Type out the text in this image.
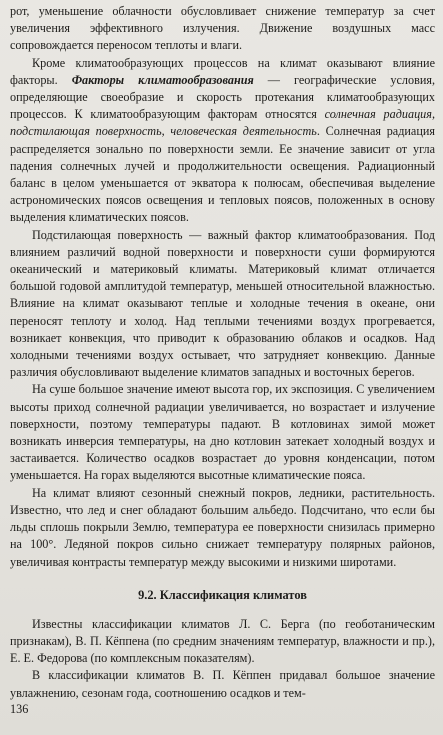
рот, уменьшение облачности обусловливает снижение температур за счет увеличения эффективного излучения. Движение воздушных масс сопровождается переносом теплоты и влаги.

Кроме климатообразующих процессов на климат оказывают влияние факторы. Факторы климатообразования — географические условия, определяющие своеобразие и скорость протекания климатообразующих процессов. К климатообразующим факторам относятся солнечная радиация, подстилающая поверхность, человеческая деятельность. Солнечная радиация распределяется зонально по поверхности земли. Ее значение зависит от угла падения солнечных лучей и продолжительности освещения. Радиационный баланс в целом уменьшается от экватора к полюсам, обеспечивая выделение астрономических поясов освещения и тепловых поясов, положенных в основу выделения климатических поясов.

Подстилающая поверхность — важный фактор климатообразования. Под влиянием различий водной поверхности и поверхности суши формируются океанический и материковый климаты. Материковый климат отличается большой годовой амплитудой температур, меньшей относительной влажностью. Влияние на климат оказывают теплые и холодные течения в океане, они переносят теплоту и холод. Над теплыми течениями воздух прогревается, возникает конвекция, что приводит к образованию облаков и осадков. Над холодными течениями воздух остывает, что затрудняет конвекцию. Данные различия обусловливают выделение климатов западных и восточных берегов.

На суше большое значение имеют высота гор, их экспозиция. С увеличением высоты приход солнечной радиации увеличивается, но возрастает и излучение поверхности, поэтому температуры падают. В котловинах зимой может возникать инверсия температуры, на дно котловин затекает холодный воздух и застаивается. Количество осадков возрастает до уровня конденсации, потом уменьшается. На горах выделяются высотные климатические пояса.

На климат влияют сезонный снежный покров, ледники, растительность. Известно, что лед и снег обладают большим альбедо. Подсчитано, что если бы льды сплошь покрыли Землю, температура ее поверхности снизилась примерно на 100°. Ледяной покров сильно снижает температуру полярных районов, увеличивая контрасты температур между высокими и низкими широтами.

9.2. Классификация климатов

Известны классификации климатов Л. С. Берга (по геоботаническим признакам), В. П. Кёппена (по средним значениям температур, влажности и пр.), Е. Е. Федорова (по комплексным показателям).

В классификации климатов В. П. Кёппен придавал большое значение увлажнению, сезонам года, соотношению осадков и тем-

136
